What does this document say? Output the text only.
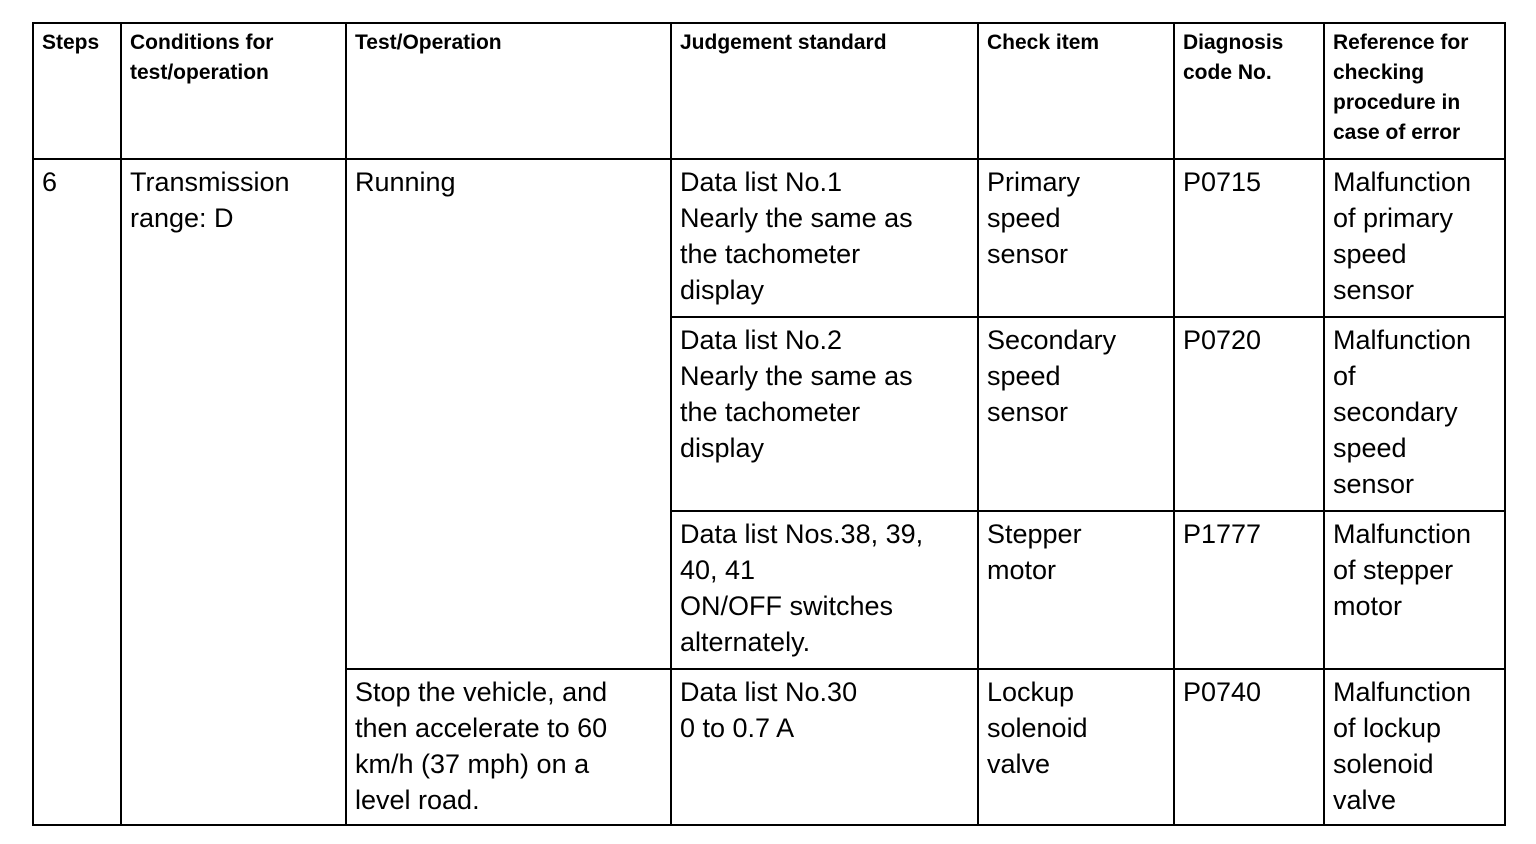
Steps	Conditions for
test/operation	Test/Operation	Judgement standard	Check item	Diagnosis
code No.	Reference for
checking
procedure in
case of error
6	Transmission
range: D	Running	Data list No.1
Nearly the same as
the tachometer
display	Primary
speed
sensor	P0715	Malfunction
of primary
speed
sensor
			Data list No.2
Nearly the same as
the tachometer
display	Secondary
speed
sensor	P0720	Malfunction
of
secondary
speed
sensor
			Data list Nos.38, 39,
40, 41
ON/OFF switches
alternately.	Stepper
motor	P1777	Malfunction
of stepper
motor
		Stop the vehicle, and
then accelerate to 60
km/h (37 mph) on a
level road.	Data list No.30
0 to 0.7 A	Lockup
solenoid
valve	P0740	Malfunction
of lockup
solenoid
valve
